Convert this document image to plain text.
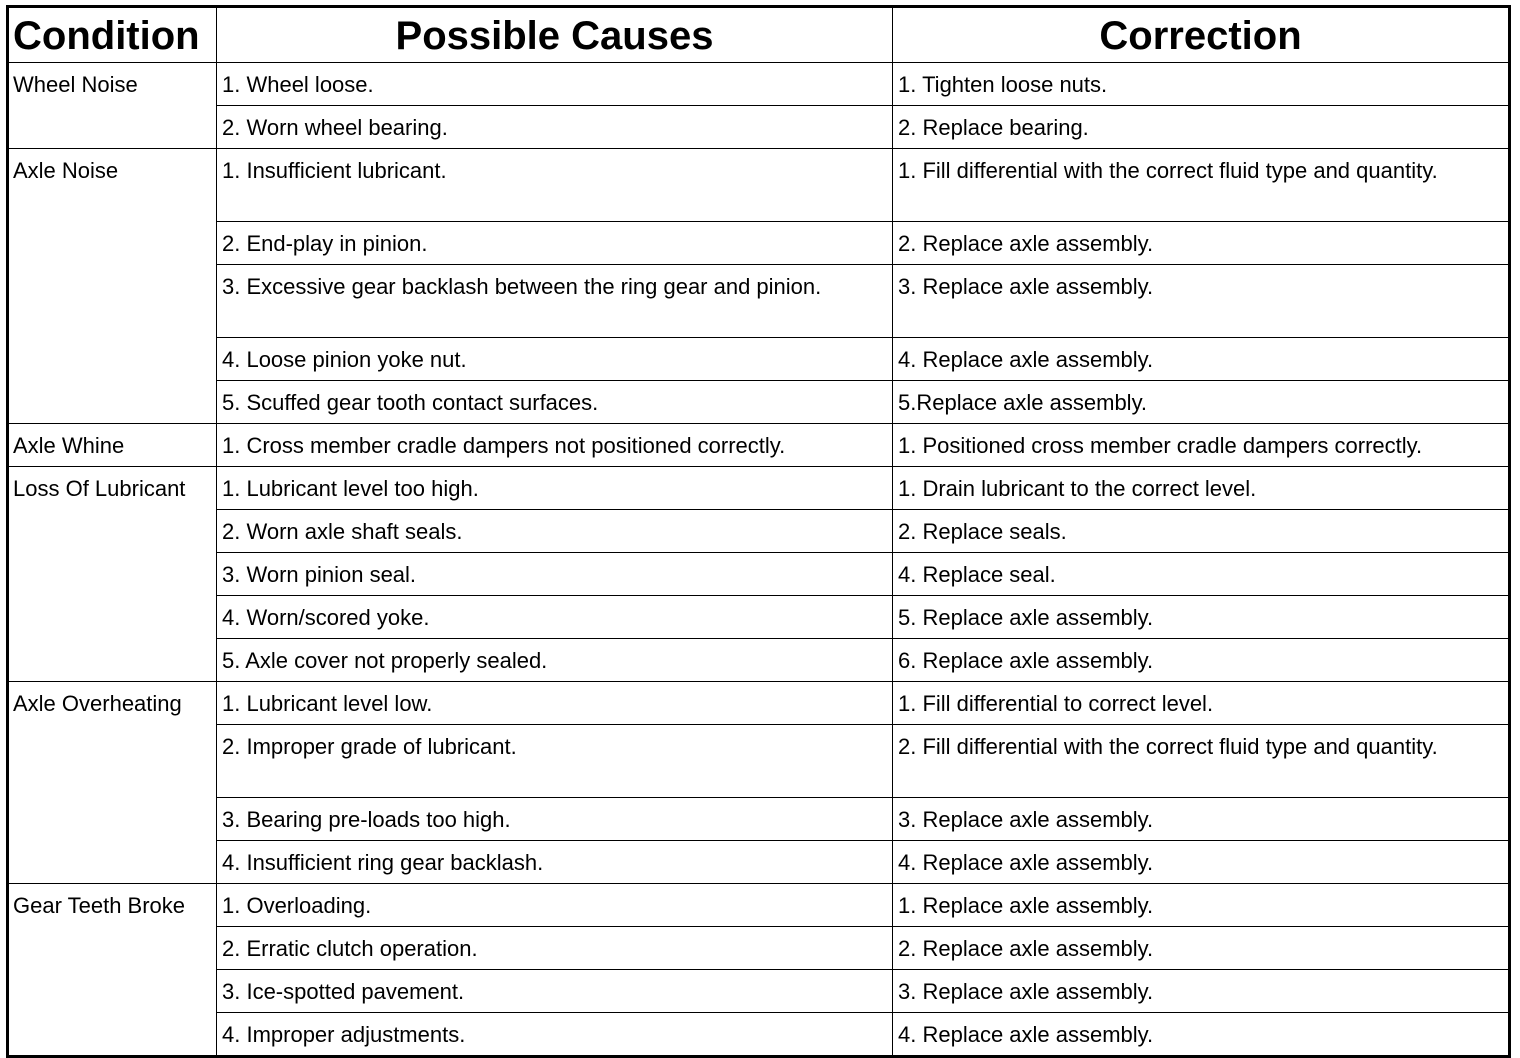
Condition	Possible Causes	Correction
Wheel Noise	1. Wheel loose.	1. Tighten loose nuts.
	2. Worn wheel bearing.	2. Replace bearing.
Axle Noise	1. Insufficient lubricant.	1. Fill differential with the correct fluid type and quantity.
	2. End-play in pinion.	2. Replace axle assembly.
	3. Excessive gear backlash between the ring gear and pinion.	3. Replace axle assembly.
	4. Loose pinion yoke nut.	4. Replace axle assembly.
	5. Scuffed gear tooth contact surfaces.	5.Replace axle assembly.
Axle Whine	1. Cross member cradle dampers not positioned correctly.	1. Positioned cross member cradle dampers correctly.
Loss Of Lubricant	1. Lubricant level too high.	1. Drain lubricant to the correct level.
	2. Worn axle shaft seals.	2. Replace seals.
	3. Worn pinion seal.	4. Replace seal.
	4. Worn/scored yoke.	5. Replace axle assembly.
	5. Axle cover not properly sealed.	6. Replace axle assembly.
Axle Overheating	1. Lubricant level low.	1. Fill differential to correct level.
	2. Improper grade of lubricant.	2. Fill differential with the correct fluid type and quantity.
	3. Bearing pre-loads too high.	3. Replace axle assembly.
	4. Insufficient ring gear backlash.	4. Replace axle assembly.
Gear Teeth Broke	1. Overloading.	1. Replace axle assembly.
	2. Erratic clutch operation.	2. Replace axle assembly.
	3. Ice-spotted pavement.	3. Replace axle assembly.
	4. Improper adjustments.	4. Replace axle assembly.
